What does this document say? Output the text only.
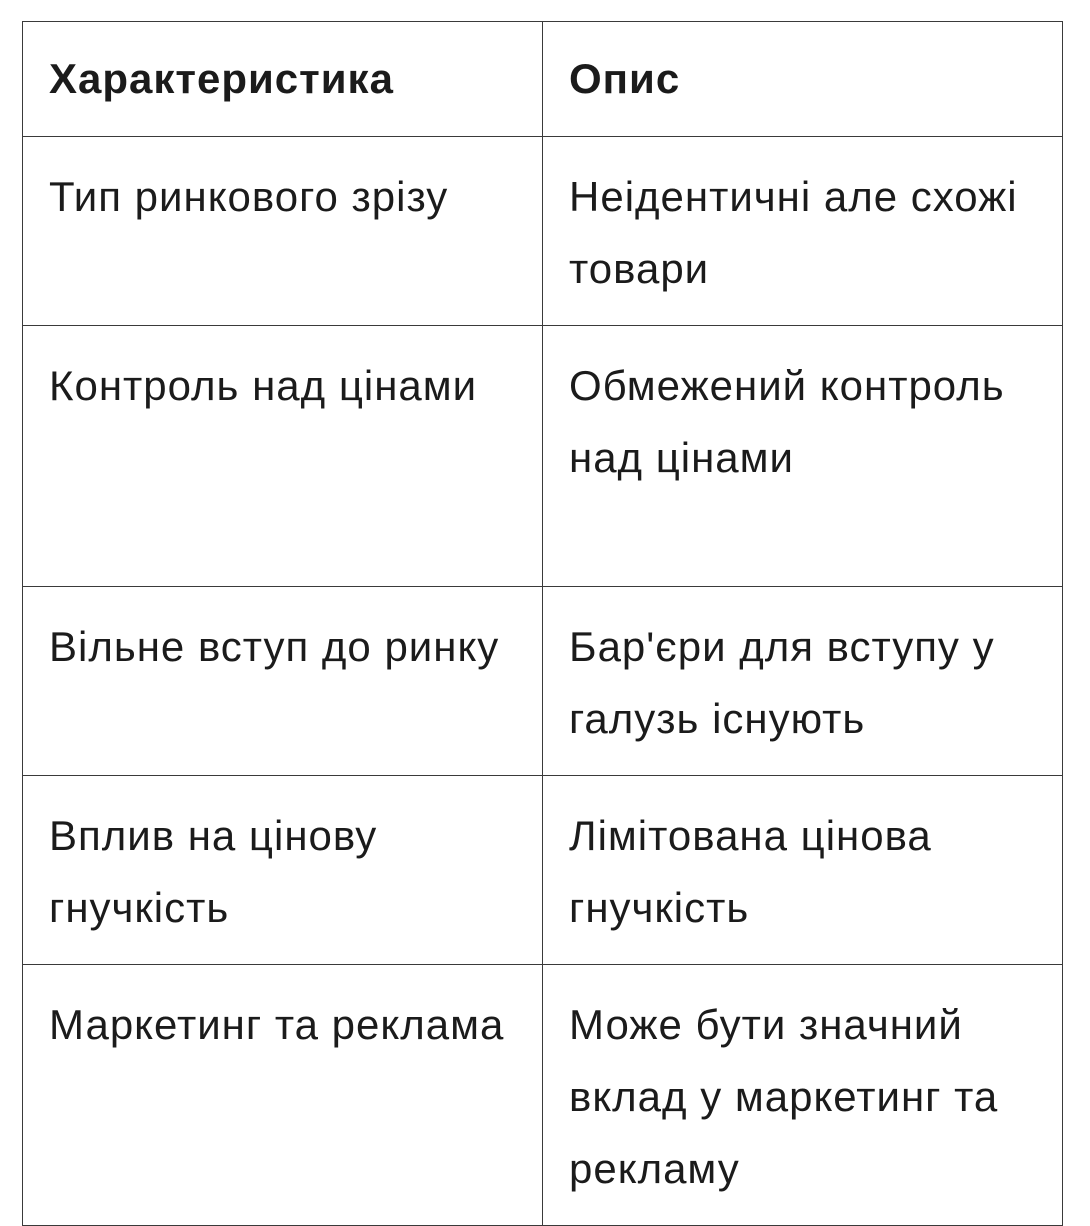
Характеристика	Опис

Тип ринкового зрізу	Неідентичні але схожі товари

Контроль над цінами	Обмежений контроль над цінами

Вільне вступ до ринку	Бар'єри для вступу у галузь існують

Вплив на цінову гнучкість	Лімітована цінова гнучкість

Маркетинг та реклама	Може бути значний вклад у маркетинг та рекламу
